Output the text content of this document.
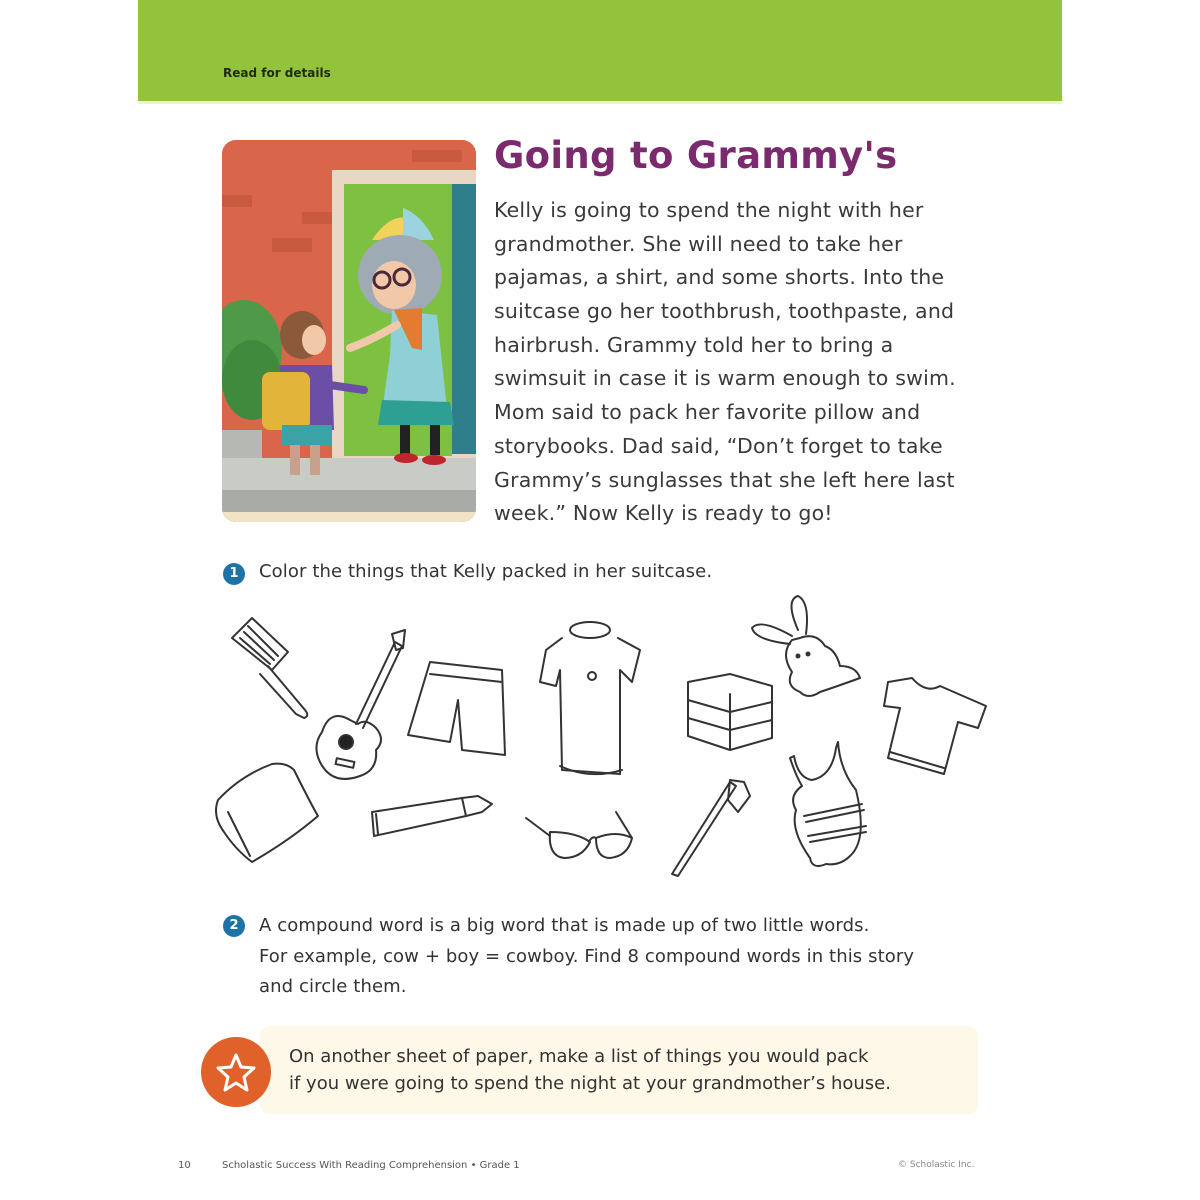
Read for details
Going to Grammy's
Kelly is going to spend the night with her
grandmother. She will need to take her
pajamas, a shirt, and some shorts. Into the
suitcase go her toothbrush, toothpaste, and
hairbrush. Grammy told her to bring a
swimsuit in case it is warm enough to swim.
Mom said to pack her favorite pillow and
storybooks. Dad said, “Don’t forget to take
Grammy’s sunglasses that she left here last
week.” Now Kelly is ready to go!
1	Color the things that Kelly packed in her suitcase.
2	A compound word is a big word that is made up of two little words.
For example, cow + boy = cowboy. Find 8 compound words in this story
and circle them.
On another sheet of paper, make a list of things you would pack
if you were going to spend the night at your grandmother’s house.
10	Scholastic Success With Reading Comprehension • Grade 1	© Scholastic Inc.
